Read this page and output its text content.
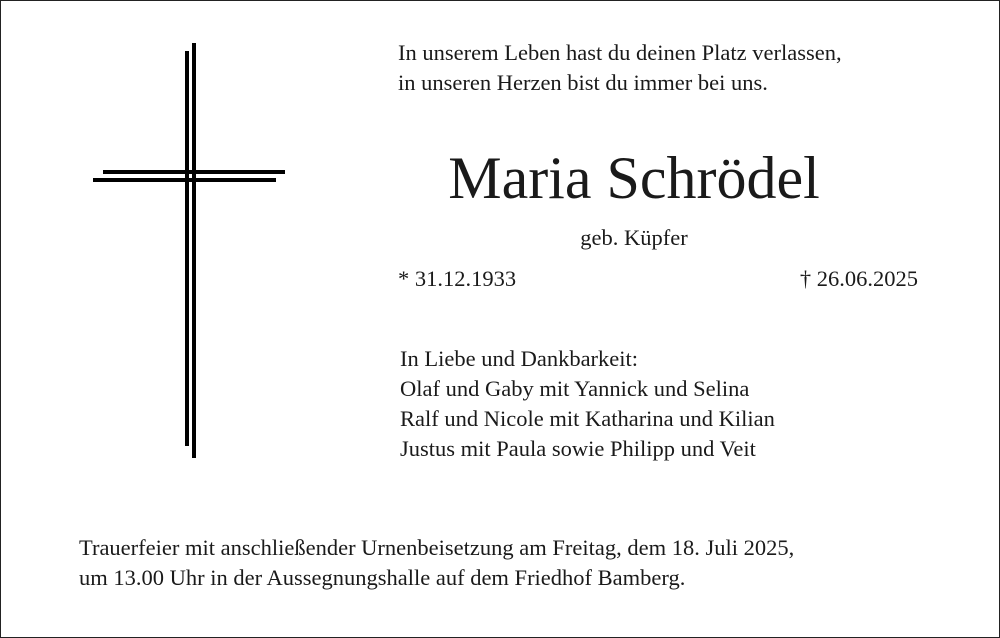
In unserem Leben hast du deinen Platz verlassen,
in unseren Herzen bist du immer bei uns.
Maria Schrödel
geb. Küpfer
* 31.12.1933	† 26.06.2025
In Liebe und Dankbarkeit:
Olaf und Gaby mit Yannick und Selina
Ralf und Nicole mit Katharina und Kilian
Justus mit Paula sowie Philipp und Veit
Trauerfeier mit anschließender Urnenbeisetzung am Freitag, dem 18. Juli 2025,
um 13.00 Uhr in der Aussegnungshalle auf dem Friedhof Bamberg.
